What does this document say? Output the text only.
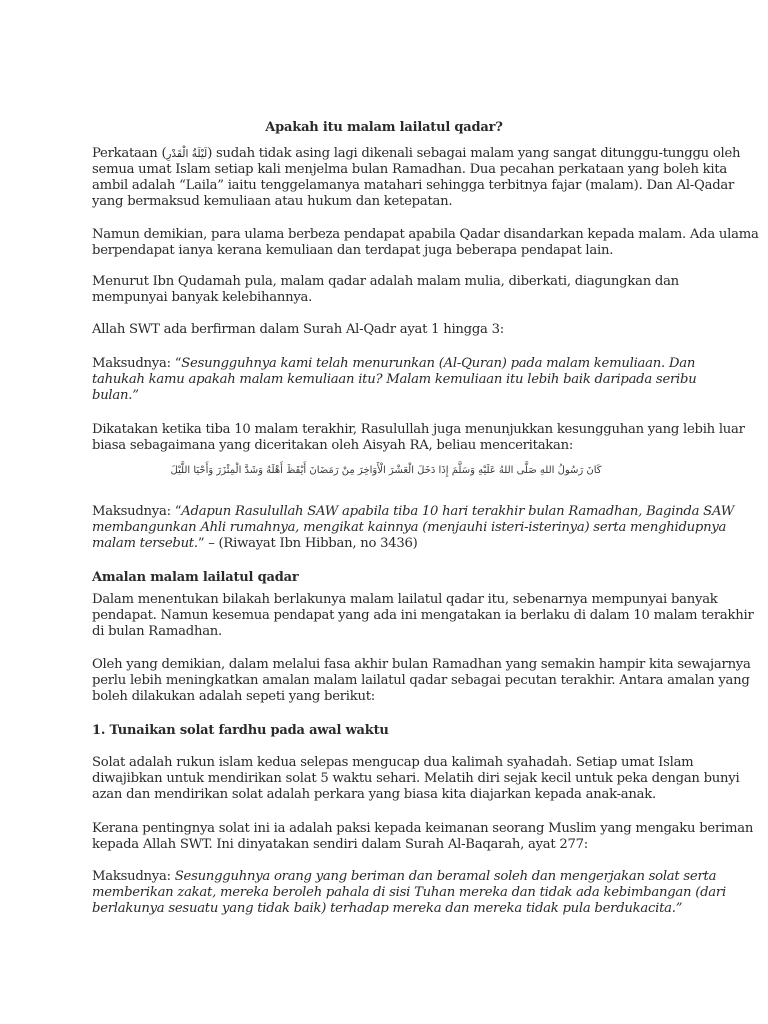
Apakah itu malam lailatul qadar?
Perkataan (لَيْلَةُ الْقَدْرِ) sudah tidak asing lagi dikenali sebagai malam yang sangat ditunggu-tunggu oleh
semua umat Islam setiap kali menjelma bulan Ramadhan. Dua pecahan perkataan yang boleh kita
ambil adalah “Laila” iaitu tenggelamanya matahari sehingga terbitnya fajar (malam). Dan Al-Qadar
yang bermaksud kemuliaan atau hukum dan ketepatan.
Namun demikian, para ulama berbeza pendapat apabila Qadar disandarkan kepada malam. Ada ulama
berpendapat ianya kerana kemuliaan dan terdapat juga beberapa pendapat lain.
Menurut Ibn Qudamah pula, malam qadar adalah malam mulia, diberkati, diagungkan dan
mempunyai banyak kelebihannya.
Allah SWT ada berfirman dalam Surah Al-Qadr ayat 1 hingga 3:
Maksudnya: “Sesungguhnya kami telah menurunkan (Al-Quran) pada malam kemuliaan. Dan
tahukah kamu apakah malam kemuliaan itu? Malam kemuliaan itu lebih baik daripada seribu
bulan.”
Dikatakan ketika tiba 10 malam terakhir, Rasulullah juga menunjukkan kesungguhan yang lebih luar
biasa sebagaimana yang diceritakan oleh Aisyah RA, beliau menceritakan:
كَانَ رَسُولُ اللهِ صَلَّى اللهُ عَلَيْهِ وَسَلَّمَ إِذَا دَخَلَ الْعَشْرَ الْأَوَاخِرَ مِنْ رَمَضَانَ أَيْقَظَ أَهْلَهُ وَشَدَّ الْمِئْزَرَ وَأَحْيَا اللَّيْلَ
Maksudnya: “Adapun Rasulullah SAW apabila tiba 10 hari terakhir bulan Ramadhan, Baginda SAW
membangunkan Ahli rumahnya, mengikat kainnya (menjauhi isteri-isterinya) serta menghidupnya
malam tersebut.” – (Riwayat Ibn Hibban, no 3436)
Amalan malam lailatul qadar
Dalam menentukan bilakah berlakunya malam lailatul qadar itu, sebenarnya mempunyai banyak
pendapat. Namun kesemua pendapat yang ada ini mengatakan ia berlaku di dalam 10 malam terakhir
di bulan Ramadhan.
Oleh yang demikian, dalam melalui fasa akhir bulan Ramadhan yang semakin hampir kita sewajarnya
perlu lebih meningkatkan amalan malam lailatul qadar sebagai pecutan terakhir. Antara amalan yang
boleh dilakukan adalah sepeti yang berikut:
1. Tunaikan solat fardhu pada awal waktu
Solat adalah rukun islam kedua selepas mengucap dua kalimah syahadah. Setiap umat Islam
diwajibkan untuk mendirikan solat 5 waktu sehari. Melatih diri sejak kecil untuk peka dengan bunyi
azan dan mendirikan solat adalah perkara yang biasa kita diajarkan kepada anak-anak.
Kerana pentingnya solat ini ia adalah paksi kepada keimanan seorang Muslim yang mengaku beriman
kepada Allah SWT. Ini dinyatakan sendiri dalam Surah Al-Baqarah, ayat 277:
Maksudnya: Sesungguhnya orang yang beriman dan beramal soleh dan mengerjakan solat serta
memberikan zakat, mereka beroleh pahala di sisi Tuhan mereka dan tidak ada kebimbangan (dari
berlakunya sesuatu yang tidak baik) terhadap mereka dan mereka tidak pula berdukacita.”
